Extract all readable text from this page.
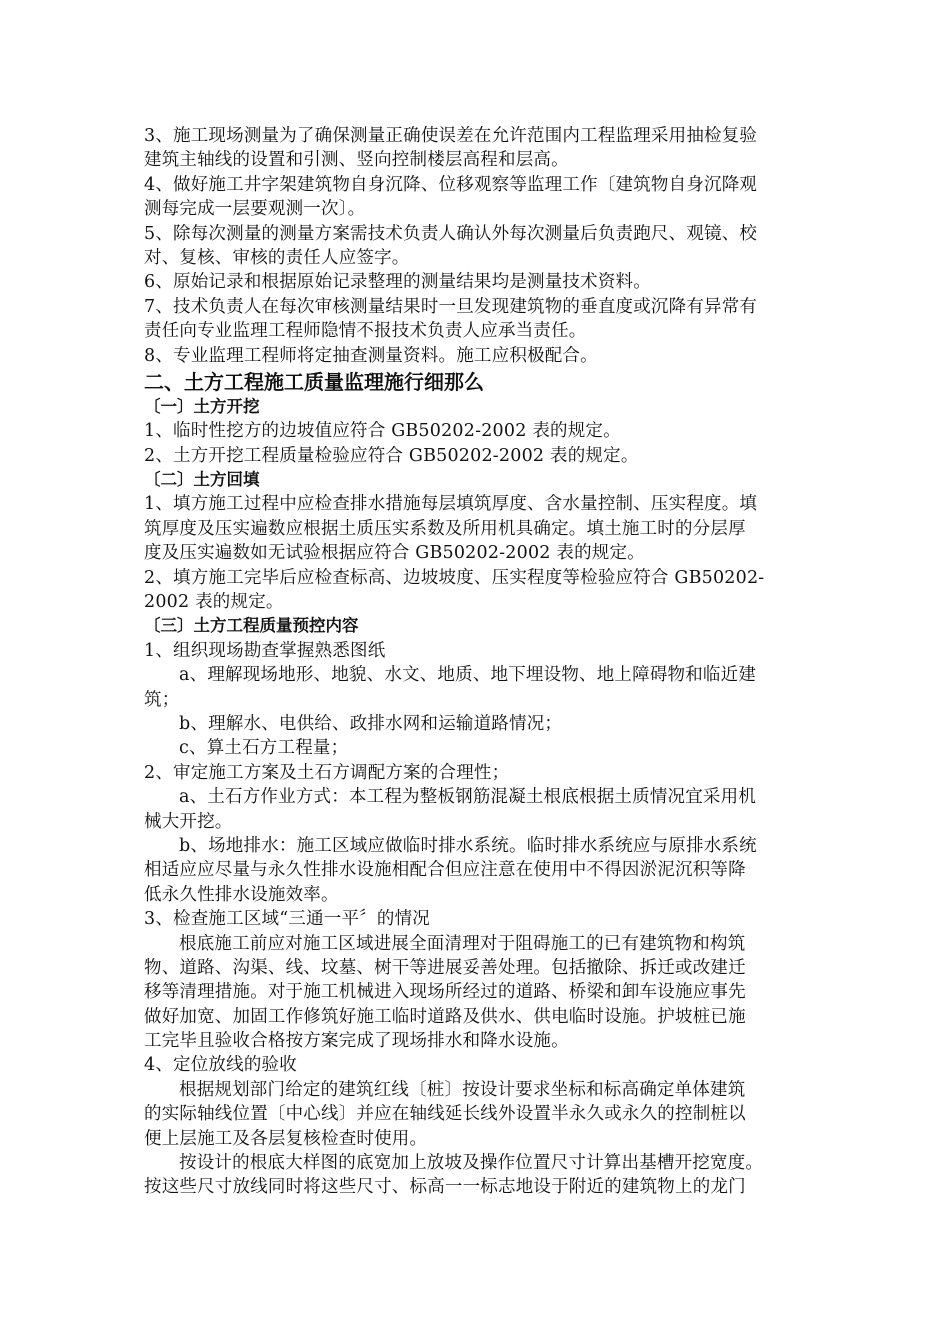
3、施工现场测量为了确保测量正确使误差在允许范围内工程监理采用抽检复验
建筑主轴线的设置和引测、竖向控制楼层高程和层高。
4、做好施工井字架建筑物自身沉降、位移观察等监理工作〔建筑物自身沉降观
测每完成一层要观测一次〕。
5、除每次测量的测量方案需技术负责人确认外每次测量后负责跑尺、观镜、校
对、复核、审核的责任人应签字。
6、原始记录和根据原始记录整理的测量结果均是测量技术资料。
7、技术负责人在每次审核测量结果时一旦发现建筑物的垂直度或沉降有异常有
责任向专业监理工程师隐情不报技术负责人应承当责任。
8、专业监理工程师将定抽查测量资料。施工应积极配合。
二、土方工程施工质量监理施行细那么
〔一〕土方开挖
1、临时性挖方的边坡值应符合 GB50202-2002 表的规定。
2、土方开挖工程质量检验应符合 GB50202-2002 表的规定。
〔二〕土方回填
1、填方施工过程中应检查排水措施每层填筑厚度、含水量控制、压实程度。填
筑厚度及压实遍数应根据土质压实系数及所用机具确定。填土施工时的分层厚
度及压实遍数如无试验根据应符合 GB50202-2002 表的规定。
2、填方施工完毕后应检查标高、边坡坡度、压实程度等检验应符合 GB50202-
2002 表的规定。
〔三〕土方工程质量预控内容
1、组织现场勘查掌握熟悉图纸
a、理解现场地形、地貌、水文、地质、地下埋设物、地上障碍物和临近建
筑；
b、理解水、电供给、政排水网和运输道路情况；
c、算土石方工程量；
2、审定施工方案及土石方调配方案的合理性；
a、土石方作业方式：本工程为整板钢筋混凝土根底根据土质情况宜采用机
械大开挖。
b、场地排水：施工区域应做临时排水系统。临时排水系统应与原排水系统
相适应应尽量与永久性排水设施相配合但应注意在使用中不得因淤泥沉积等降
低永久性排水设施效率。
3、检查施工区域“三通一平〞的情况
根底施工前应对施工区域进展全面清理对于阻碍施工的已有建筑物和构筑
物、道路、沟渠、线、坟墓、树干等进展妥善处理。包括撤除、拆迁或改建迁
移等清理措施。对于施工机械进入现场所经过的道路、桥梁和卸车设施应事先
做好加宽、加固工作修筑好施工临时道路及供水、供电临时设施。护坡桩已施
工完毕且验收合格按方案完成了现场排水和降水设施。
4、定位放线的验收
根据规划部门给定的建筑红线〔桩〕按设计要求坐标和标高确定单体建筑
的实际轴线位置〔中心线〕并应在轴线延长线外设置半永久或永久的控制桩以
便上层施工及各层复核检查时使用。
按设计的根底大样图的底宽加上放坡及操作位置尺寸计算出基槽开挖宽度。
按这些尺寸放线同时将这些尺寸、标高一一标志地设于附近的建筑物上的龙门
